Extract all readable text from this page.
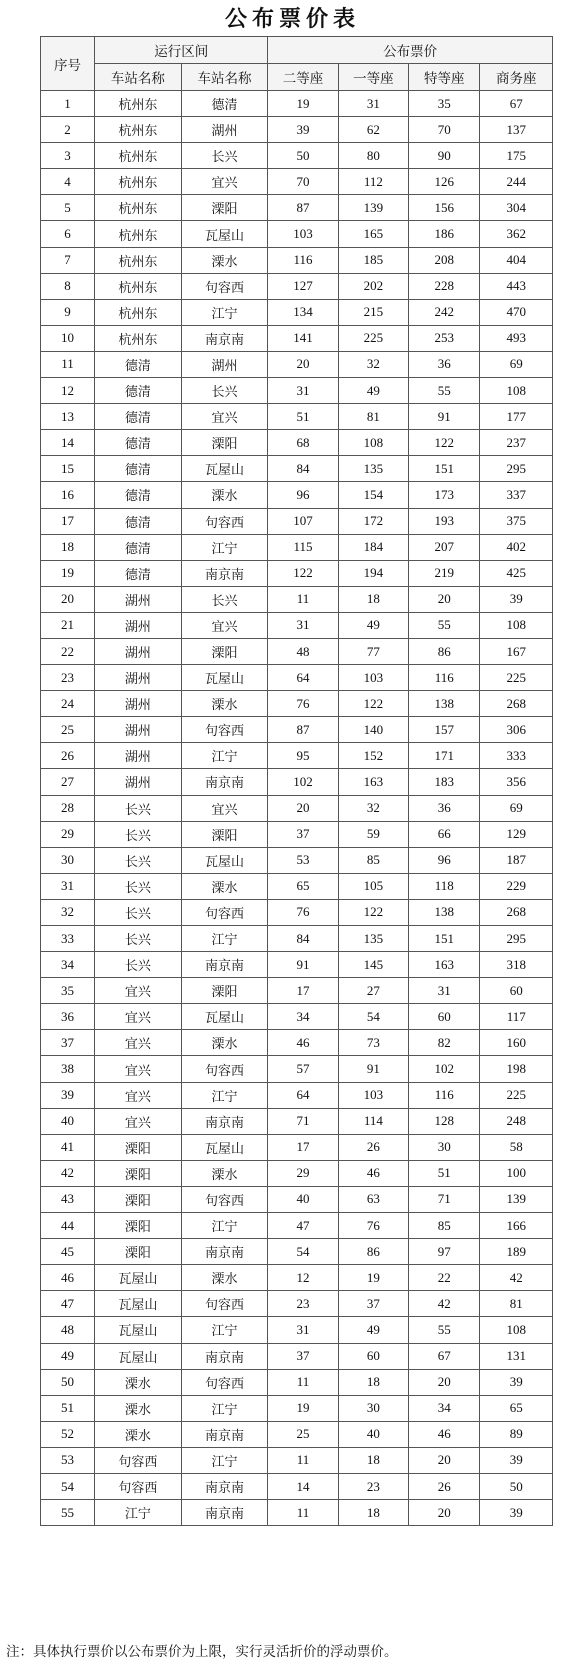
公布票价表
序号	运行区间		公布票价			
	车站名称	车站名称	二等座	一等座	特等座	商务座
1	杭州东	德清	19	31	35	67
2	杭州东	湖州	39	62	70	137
3	杭州东	长兴	50	80	90	175
4	杭州东	宜兴	70	112	126	244
5	杭州东	溧阳	87	139	156	304
6	杭州东	瓦屋山	103	165	186	362
7	杭州东	溧水	116	185	208	404
8	杭州东	句容西	127	202	228	443
9	杭州东	江宁	134	215	242	470
10	杭州东	南京南	141	225	253	493
11	德清	湖州	20	32	36	69
12	德清	长兴	31	49	55	108
13	德清	宜兴	51	81	91	177
14	德清	溧阳	68	108	122	237
15	德清	瓦屋山	84	135	151	295
16	德清	溧水	96	154	173	337
17	德清	句容西	107	172	193	375
18	德清	江宁	115	184	207	402
19	德清	南京南	122	194	219	425
20	湖州	长兴	11	18	20	39
21	湖州	宜兴	31	49	55	108
22	湖州	溧阳	48	77	86	167
23	湖州	瓦屋山	64	103	116	225
24	湖州	溧水	76	122	138	268
25	湖州	句容西	87	140	157	306
26	湖州	江宁	95	152	171	333
27	湖州	南京南	102	163	183	356
28	长兴	宜兴	20	32	36	69
29	长兴	溧阳	37	59	66	129
30	长兴	瓦屋山	53	85	96	187
31	长兴	溧水	65	105	118	229
32	长兴	句容西	76	122	138	268
33	长兴	江宁	84	135	151	295
34	长兴	南京南	91	145	163	318
35	宜兴	溧阳	17	27	31	60
36	宜兴	瓦屋山	34	54	60	117
37	宜兴	溧水	46	73	82	160
38	宜兴	句容西	57	91	102	198
39	宜兴	江宁	64	103	116	225
40	宜兴	南京南	71	114	128	248
41	溧阳	瓦屋山	17	26	30	58
42	溧阳	溧水	29	46	51	100
43	溧阳	句容西	40	63	71	139
44	溧阳	江宁	47	76	85	166
45	溧阳	南京南	54	86	97	189
46	瓦屋山	溧水	12	19	22	42
47	瓦屋山	句容西	23	37	42	81
48	瓦屋山	江宁	31	49	55	108
49	瓦屋山	南京南	37	60	67	131
50	溧水	句容西	11	18	20	39
51	溧水	江宁	19	30	34	65
52	溧水	南京南	25	40	46	89
53	句容西	江宁	11	18	20	39
54	句容西	南京南	14	23	26	50
55	江宁	南京南	11	18	20	39
注：具体执行票价以公布票价为上限，实行灵活折价的浮动票价。
